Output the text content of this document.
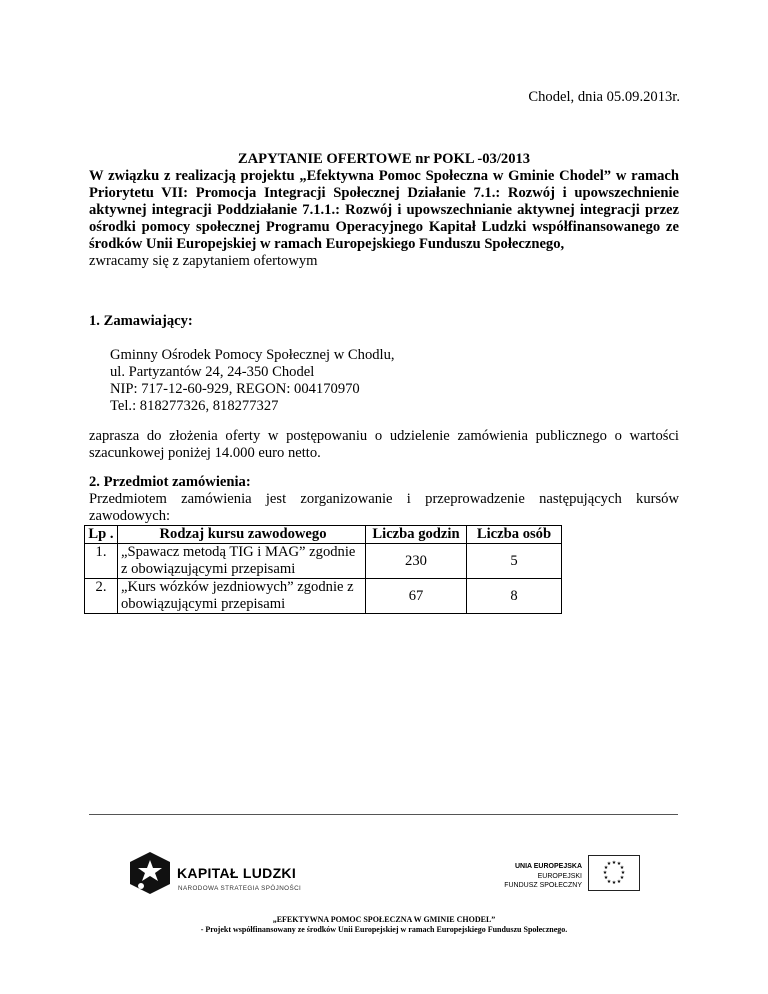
Chodel, dnia 05.09.2013r.
ZAPYTANIE OFERTOWE nr POKL -03/2013
W związku z realizacją projektu „Efektywna Pomoc Społeczna w Gminie Chodel” w ramach Priorytetu VII: Promocja Integracji Społecznej Działanie 7.1.: Rozwój i upowszechnienie aktywnej integracji Poddziałanie 7.1.1.: Rozwój i upowszechnianie aktywnej integracji przez ośrodki pomocy społecznej Programu Operacyjnego Kapitał Ludzki współfinansowanego ze środków Unii Europejskiej w ramach Europejskiego Funduszu Społecznego,
zwracamy się z zapytaniem ofertowym
1. Zamawiający:
Gminny Ośrodek Pomocy Społecznej w Chodlu,
ul. Partyzantów 24, 24-350 Chodel
NIP: 717-12-60-929, REGON: 004170970
Tel.: 818277326, 818277327
zaprasza do złożenia oferty w postępowaniu o udzielenie zamówienia publicznego o wartości szacunkowej poniżej 14.000 euro netto.
2. Przedmiot zamówienia:
Przedmiotem zamówienia jest zorganizowanie i przeprowadzenie następujących kursów zawodowych:
Lp .	Rodzaj kursu zawodowego	Liczba godzin	Liczba osób
1.	„Spawacz metodą TIG i MAG” zgodnie z obowiązującymi przepisami	230	5
2.	„Kurs wózków jezdniowych” zgodnie z obowiązującymi przepisami	67	8
KAPITAŁ LUDZKI
NARODOWA STRATEGIA SPÓJNOŚCI
UNIA EUROPEJSKA
EUROPEJSKI
FUNDUSZ SPOŁECZNY
★ ★
★
★
★
★
★
★
★
★
★
★
„EFEKTYWNA POMOC SPOŁECZNA W GMINIE CHODEL”
- Projekt współfinansowany ze środków Unii Europejskiej w ramach Europejskiego Funduszu Społecznego.
